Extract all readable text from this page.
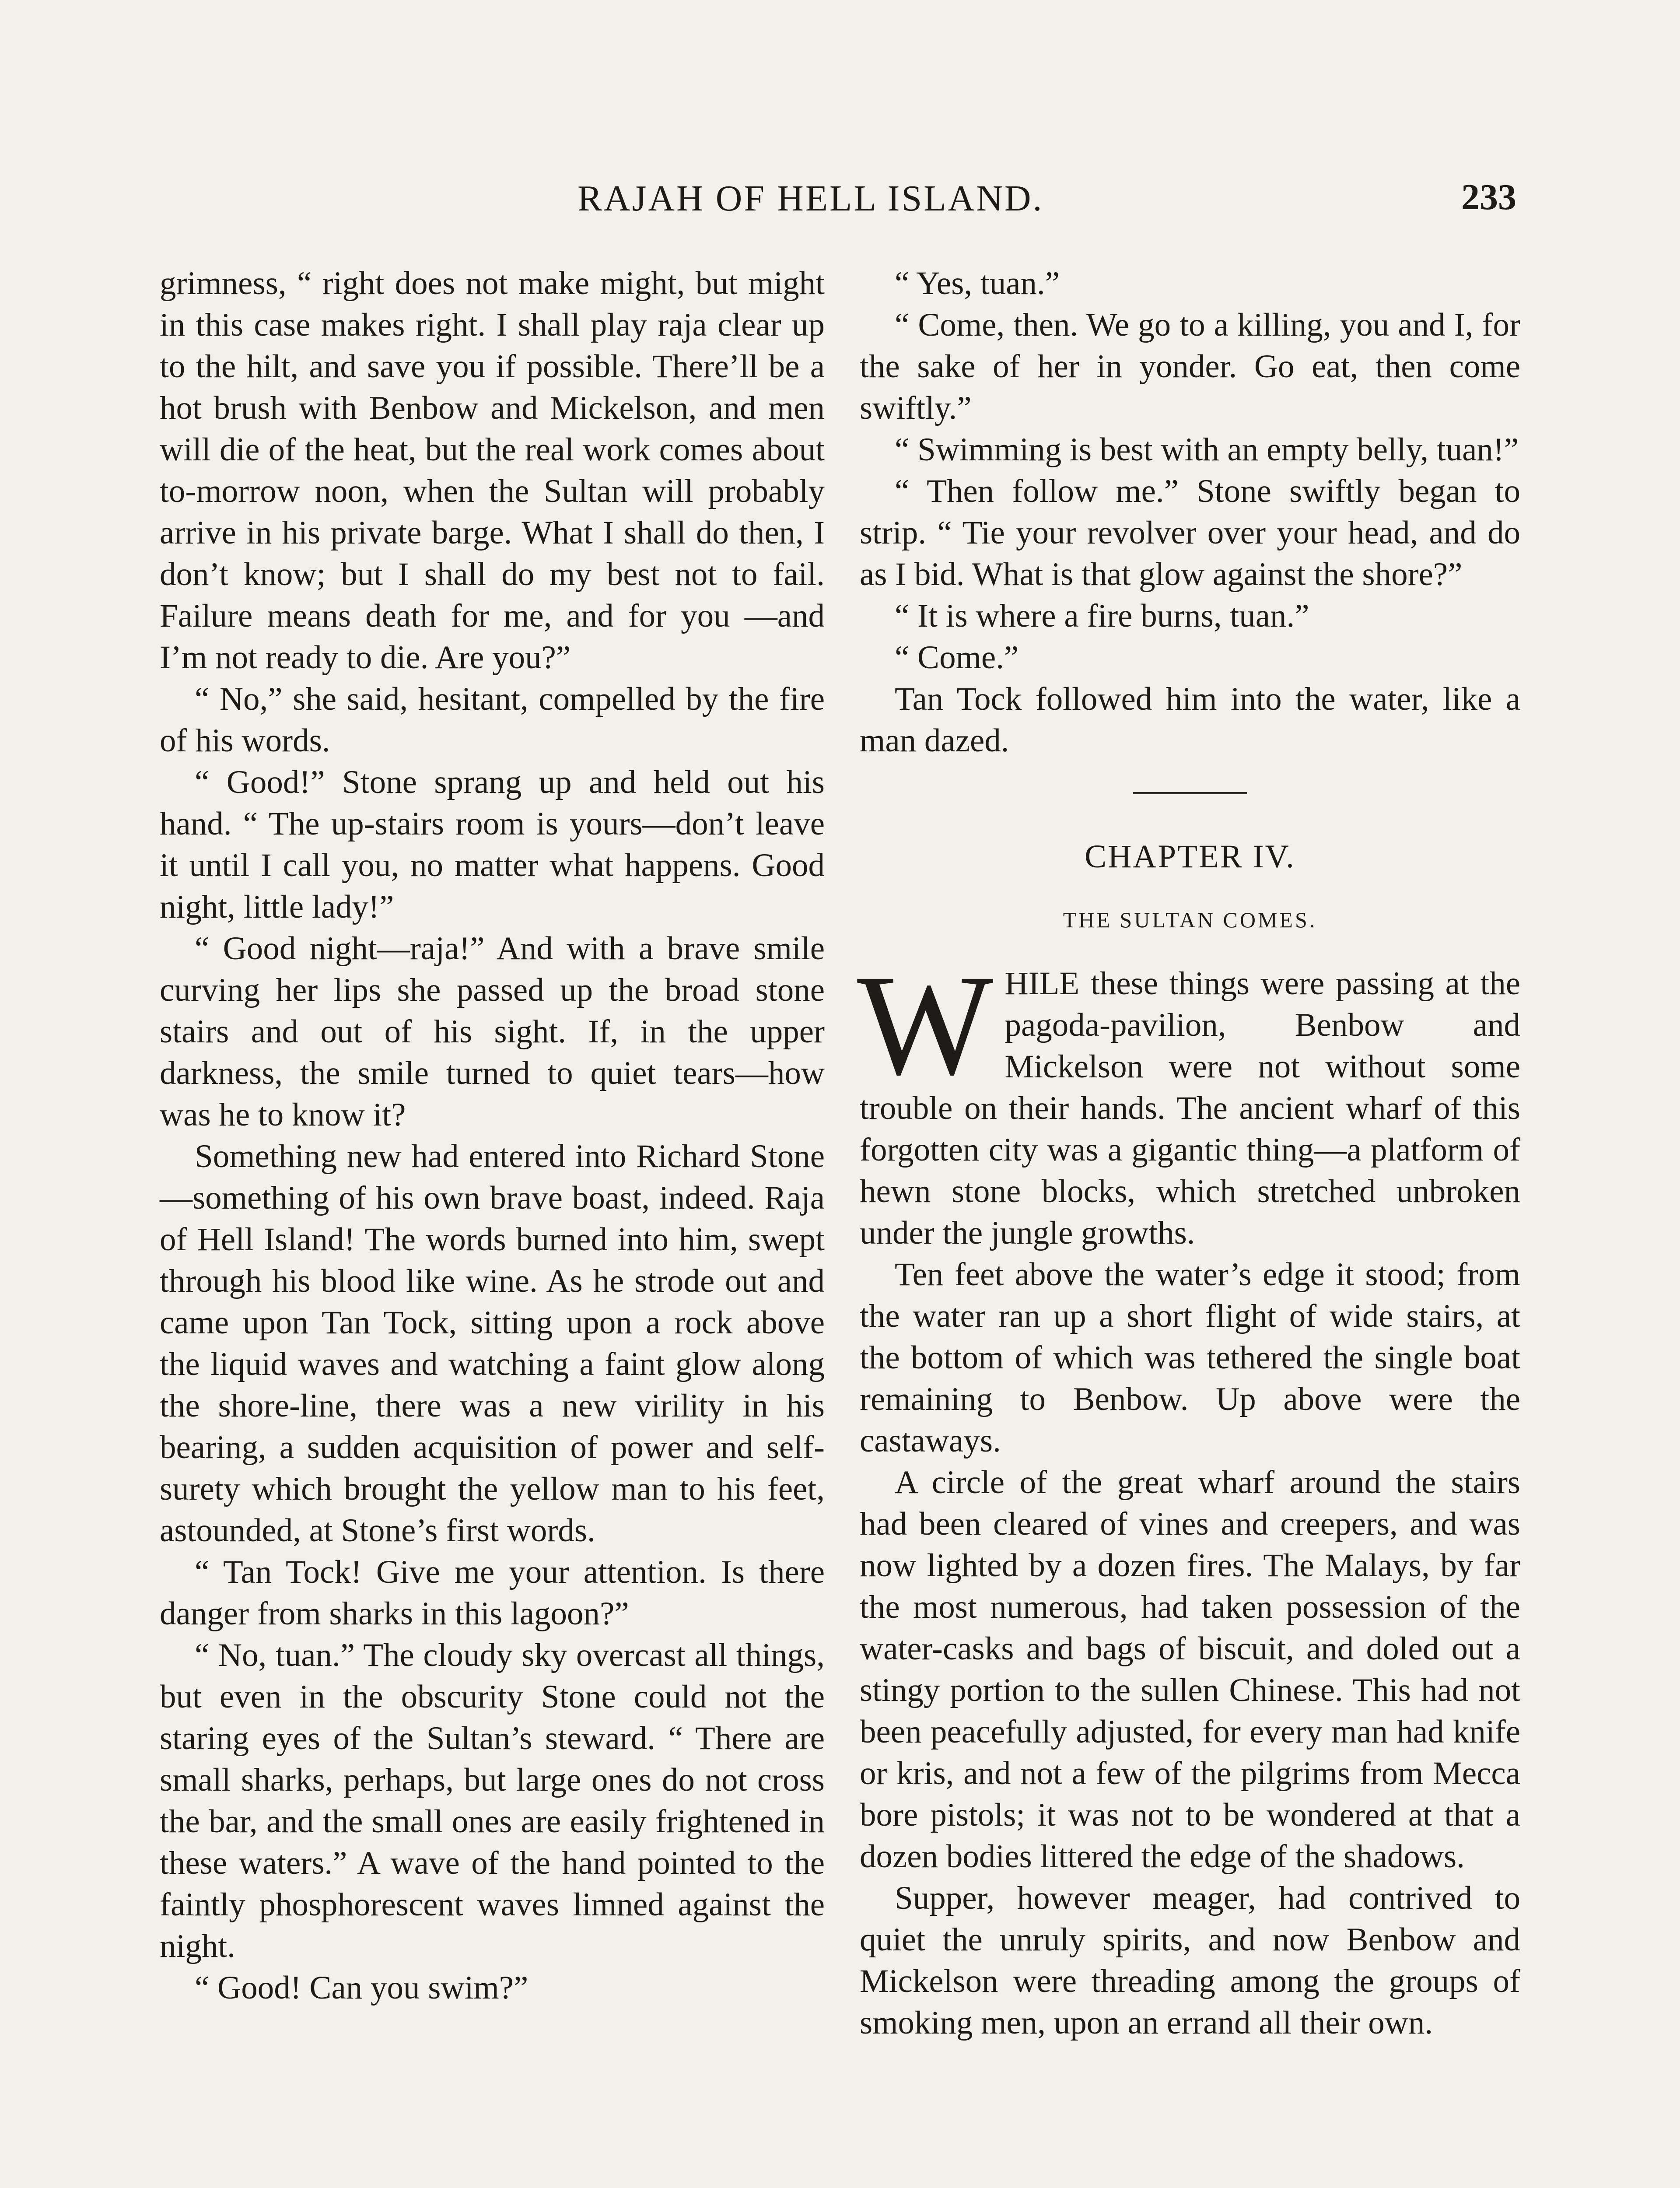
RAJAH OF HELL ISLAND.	233

grimness, “ right does not make might, but might in this case makes right. I shall play raja clear up to the hilt, and save you if possible. There’ll be a hot brush with Benbow and Mickelson, and men will die of the heat, but the real work comes about to-morrow noon, when the Sultan will probably arrive in his private barge. What I shall do then, I don’t know; but I shall do my best not to fail. Failure means death for me, and for you —and I’m not ready to die. Are you?”

“ No,” she said, hesitant, compelled by the fire of his words.

“ Good!” Stone sprang up and held out his hand. “ The up-stairs room is yours—don’t leave it until I call you, no matter what happens. Good night, little lady!”

“ Good night—raja!” And with a brave smile curving her lips she passed up the broad stone stairs and out of his sight. If, in the upper darkness, the smile turned to quiet tears—how was he to know it?

Something new had entered into Richard Stone—something of his own brave boast, indeed. Raja of Hell Island! The words burned into him, swept through his blood like wine. As he strode out and came upon Tan Tock, sitting upon a rock above the liquid waves and watching a faint glow along the shore-line, there was a new virility in his bearing, a sudden acquisition of power and self-surety which brought the yellow man to his feet, astounded, at Stone’s first words.

“ Tan Tock! Give me your attention. Is there danger from sharks in this lagoon?”

“ No, tuan.” The cloudy sky overcast all things, but even in the obscurity Stone could not the staring eyes of the Sultan’s steward. “ There are small sharks, perhaps, but large ones do not cross the bar, and the small ones are easily frightened in these waters.” A wave of the hand pointed to the faintly phosphorescent waves limned against the night.

“ Good! Can you swim?”

“ Yes, tuan.”

“ Come, then. We go to a killing, you and I, for the sake of her in yonder. Go eat, then come swiftly.”

“ Swimming is best with an empty belly, tuan!”

“ Then follow me.” Stone swiftly began to strip. “ Tie your revolver over your head, and do as I bid. What is that glow against the shore?”

“ It is where a fire burns, tuan.”

“ Come.”

Tan Tock followed him into the water, like a man dazed.

CHAPTER IV.
THE SULTAN COMES.

WHILE these things were passing at the pagoda-pavilion, Benbow and Mickelson were not without some trouble on their hands. The ancient wharf of this forgotten city was a gigantic thing—a platform of hewn stone blocks, which stretched unbroken under the jungle growths.

Ten feet above the water’s edge it stood; from the water ran up a short flight of wide stairs, at the bottom of which was tethered the single boat remaining to Benbow. Up above were the castaways.

A circle of the great wharf around the stairs had been cleared of vines and creepers, and was now lighted by a dozen fires. The Malays, by far the most numerous, had taken possession of the water-casks and bags of biscuit, and doled out a stingy portion to the sullen Chinese. This had not been peacefully adjusted, for every man had knife or kris, and not a few of the pilgrims from Mecca bore pistols; it was not to be wondered at that a dozen bodies littered the edge of the shadows.

Supper, however meager, had contrived to quiet the unruly spirits, and now Benbow and Mickelson were threading among the groups of smoking men, upon an errand all their own.
